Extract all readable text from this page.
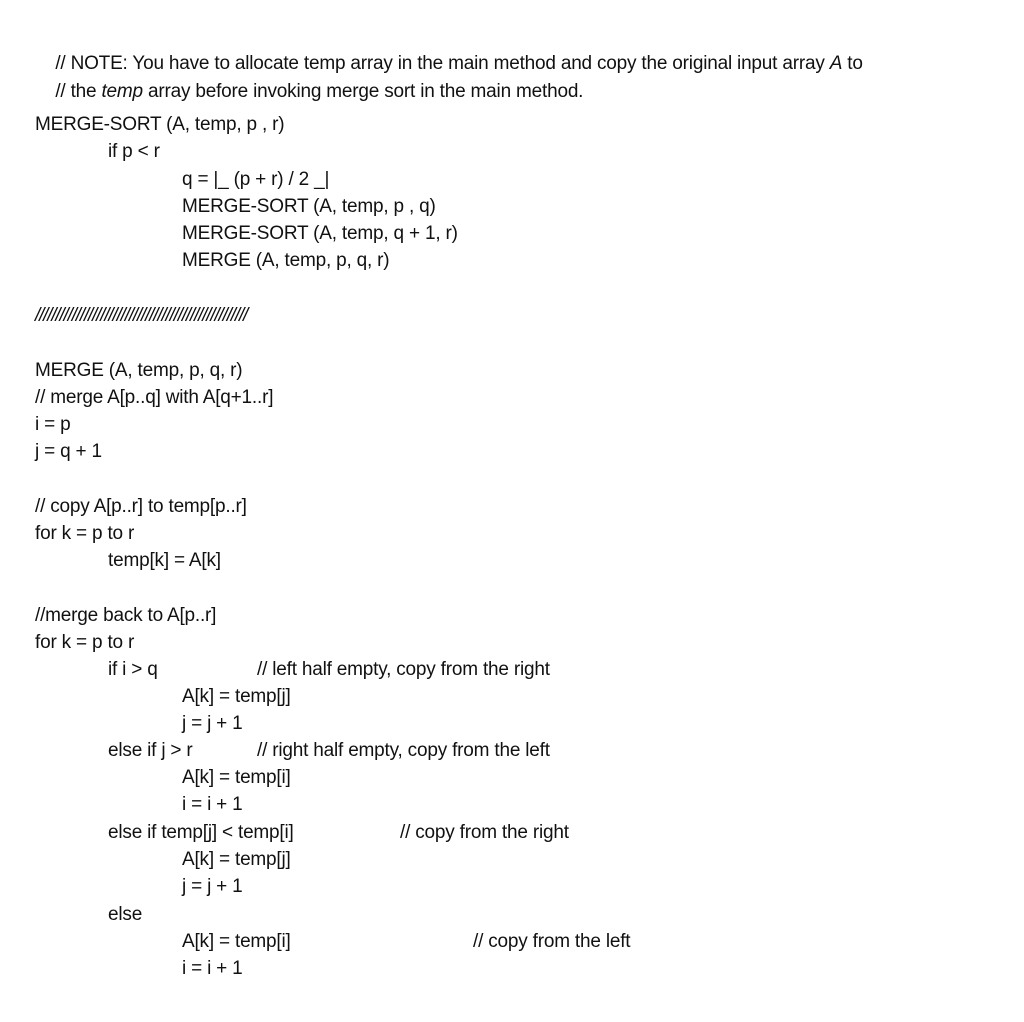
// NOTE: You have to allocate temp array in the main method and copy the original input array A to

// the temp array before invoking merge sort in the main method.

MERGE-SORT (A, temp, p , r)
if p < r
q = |_ (p + r) / 2 _|
MERGE-SORT (A, temp, p , q)
MERGE-SORT (A, temp, q + 1, r)
MERGE (A, temp, p, q, r)
////////////////////////////////////////////////////
MERGE (A, temp, p, q, r)
// merge A[p..q] with A[q+1..r]
i = p
j = q + 1
// copy A[p..r] to temp[p..r]
for k = p to r
temp[k] = A[k]
//merge back to A[p..r]
for k = p to r
if i > q	// left half empty, copy from the right
A[k] = temp[j]
j = j + 1
else if j > r	// right half empty, copy from the left
A[k] = temp[i]
i = i + 1
else if temp[j] < temp[i]	// copy from the right
A[k] = temp[j]
j = j + 1
else
A[k] = temp[i]	// copy from the left
i = i + 1
